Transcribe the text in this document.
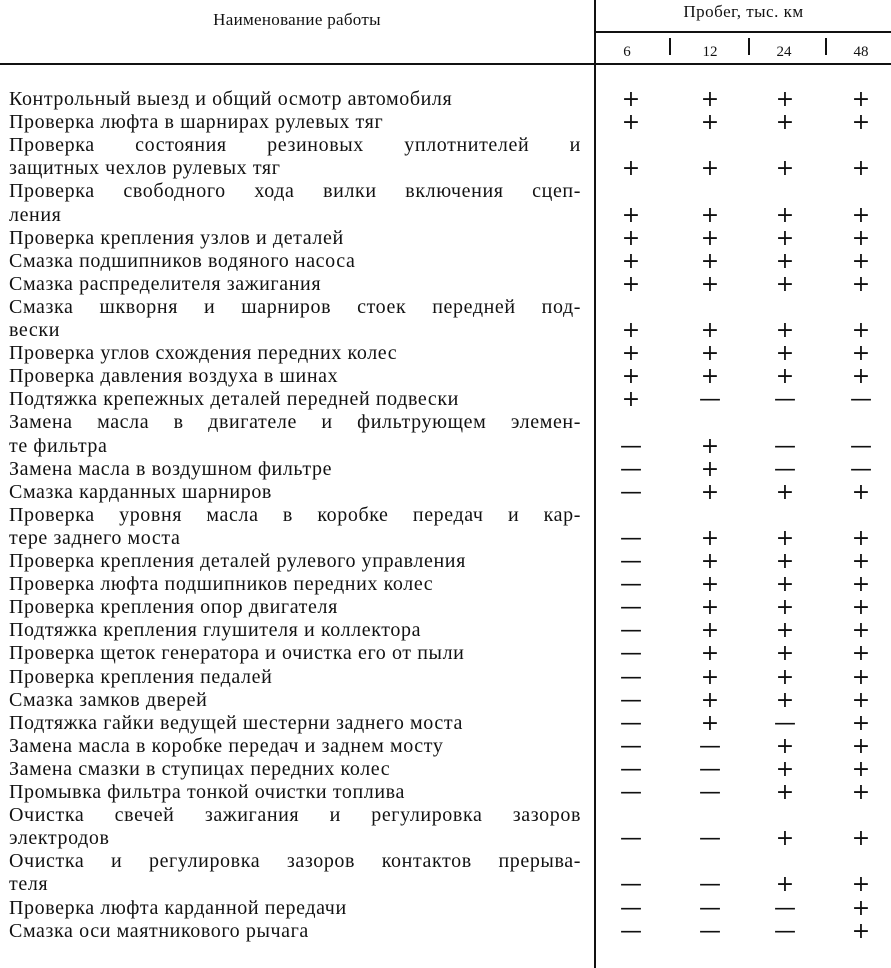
Наименование работы	Пробег, тыс. км
6	12	24	48
Контрольный выезд и общий осмотр автомобиля	+	+	+	+
Проверка люфта в шарнирах рулевых тяг	+	+	+	+
Проверка состояния резиновых уплотнителей и
защитных чехлов рулевых тяг	+	+	+	+
Проверка свободного хода вилки включения сцеп-
ления	+	+	+	+
Проверка крепления узлов и деталей	+	+	+	+
Смазка подшипников водяного насоса	+	+	+	+
Смазка распределителя зажигания	+	+	+	+
Смазка шкворня и шарниров стоек передней под-
вески	+	+	+	+
Проверка углов схождения передних колес	+	+	+	+
Проверка давления воздуха в шинах	+	+	+	+
Подтяжка крепежных деталей передней подвески	+	—	—	—
Замена масла в двигателе и фильтрующем элемен-
те фильтра	—	+	—	—
Замена масла в воздушном фильтре	—	+	—	—
Смазка карданных шарниров	—	+	+	+
Проверка уровня масла в коробке передач и кар-
тере заднего моста	—	+	+	+
Проверка крепления деталей рулевого управления	—	+	+	+
Проверка люфта подшипников передних колес	—	+	+	+
Проверка крепления опор двигателя	—	+	+	+
Подтяжка крепления глушителя и коллектора	—	+	+	+
Проверка щеток генератора и очистка его от пыли	—	+	+	+
Проверка крепления педалей	—	+	+	+
Смазка замков дверей	—	+	+	+
Подтяжка гайки ведущей шестерни заднего моста	—	+	—	+
Замена масла в коробке передач и заднем мосту	—	—	+	+
Замена смазки в ступицах передних колес	—	—	+	+
Промывка фильтра тонкой очистки топлива	—	—	+	+
Очистка свечей зажигания и регулировка зазоров
электродов	—	—	+	+
Очистка и регулировка зазоров контактов прерыва-
теля	—	—	+	+
Проверка люфта карданной передачи	—	—	—	+
Смазка оси маятникового рычага	—	—	—	+
